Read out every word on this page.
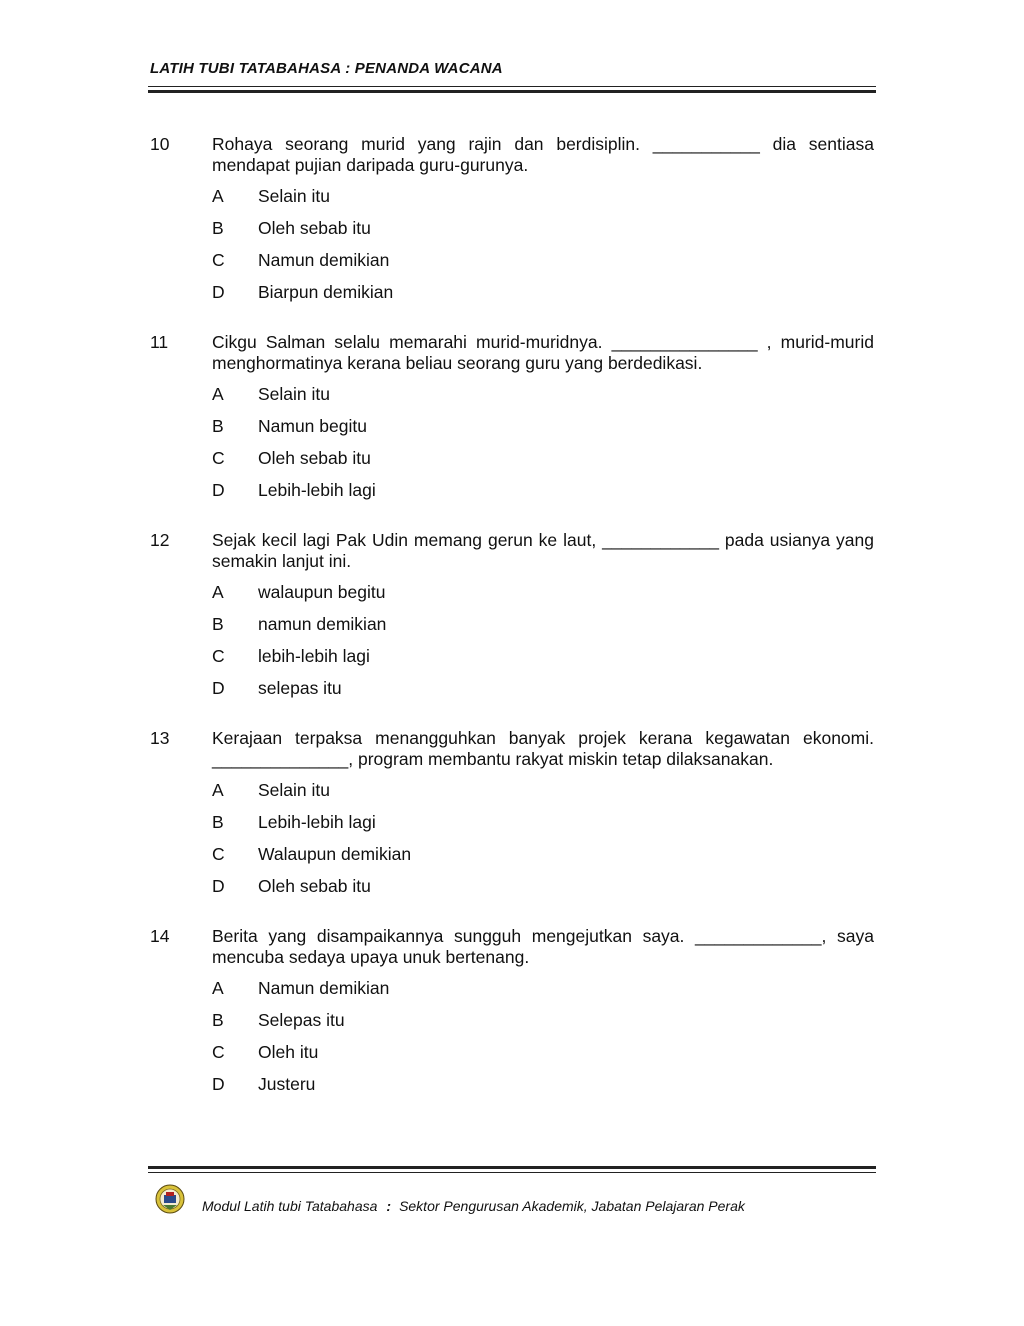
LATIH TUBI TATABAHASA : PENANDA WACANA
10	Rohaya seorang murid yang rajin dan berdisiplin. ___________ dia sentiasa mendapat pujian daripada guru-gurunya.
A	Selain itu
B	Oleh sebab itu
C	Namun demikian
D	Biarpun demikian
11	Cikgu Salman selalu memarahi murid-muridnya. _______________ , murid-murid menghormatinya kerana beliau seorang guru yang berdedikasi.
A	Selain itu
B	Namun begitu
C	Oleh sebab itu
D	Lebih-lebih lagi
12	Sejak kecil lagi Pak Udin memang gerun ke laut, ____________ pada usianya yang semakin lanjut ini.
A	walaupun begitu
B	namun demikian
C	lebih-lebih lagi
D	selepas itu
13	Kerajaan terpaksa menangguhkan banyak projek kerana kegawatan ekonomi. ______________, program membantu rakyat miskin tetap dilaksanakan.
A	Selain itu
B	Lebih-lebih lagi
C	Walaupun demikian
D	Oleh sebab itu
14	Berita yang disampaikannya sungguh mengejutkan saya. _____________, saya mencuba sedaya upaya unuk bertenang.
A	Namun demikian
B	Selepas itu
C	Oleh itu
D	Justeru
Modul Latih tubi Tatabahasa : Sektor Pengurusan Akademik, Jabatan Pelajaran Perak
